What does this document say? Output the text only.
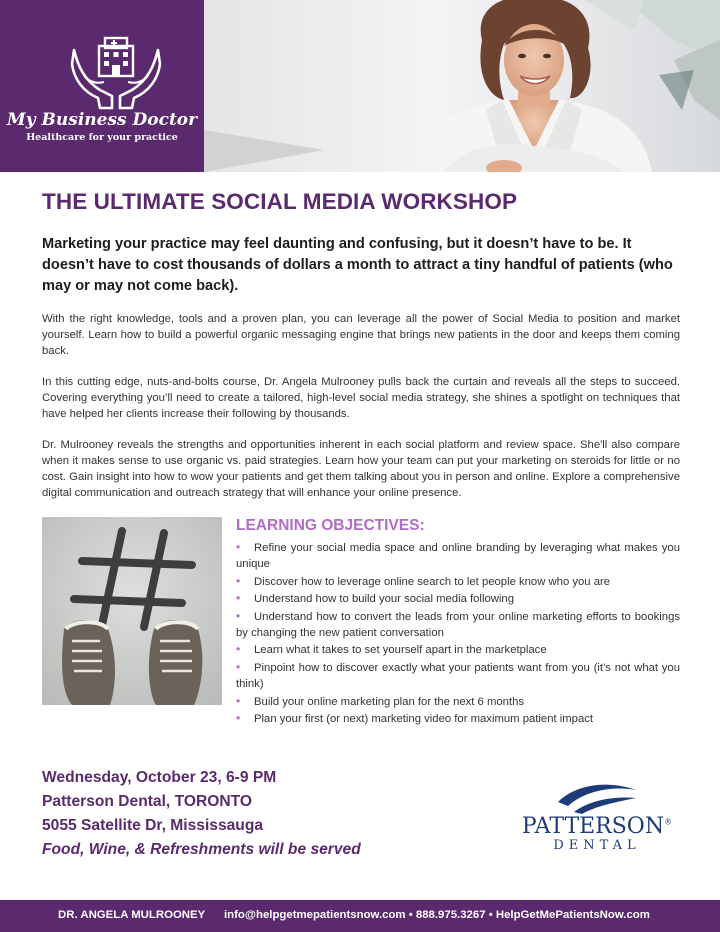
My Business Doctor
Healthcare for your practice
THE ULTIMATE SOCIAL MEDIA WORKSHOP
Marketing your practice may feel daunting and confusing, but it doesn’t have to be. It doesn’t have to cost thousands of dollars a month to attract a tiny handful of patients (who may or may not come back).
With the right knowledge, tools and a proven plan, you can leverage all the power of Social Media to position and market yourself. Learn how to build a powerful organic messaging engine that brings new patients in the door and keeps them coming back.
In this cutting edge, nuts-and-bolts course, Dr. Angela Mulrooney pulls back the curtain and reveals all the steps to succeed. Covering everything you’ll need to create a tailored, high-level social media strategy, she shines a spotlight on techniques that have helped her clients increase their following by thousands.
Dr. Mulrooney reveals the strengths and opportunities inherent in each social platform and review space. She'll also compare when it makes sense to use organic vs. paid strategies. Learn how your team can put your marketing on steroids for little or no cost. Gain insight into how to wow your patients and get them talking about you in person and online. Explore a comprehensive digital communication and outreach strategy that will enhance your online presence.
LEARNING OBJECTIVES:
• Refine your social media space and online branding by leveraging what makes you unique
• Discover how to leverage online search to let people know who you are
• Understand how to build your social media following
• Understand how to convert the leads from your online marketing efforts to bookings by changing the new patient conversation
• Learn what it takes to set yourself apart in the marketplace
• Pinpoint how to discover exactly what your patients want from you (it’s not what you think)
• Build your online marketing plan for the next 6 months
• Plan your first (or next) marketing video for maximum patient impact
Wednesday, October 23, 6-9 PM
Patterson Dental, TORONTO
5055 Satellite Dr, Mississauga
Food, Wine, & Refreshments will be served
PATTERSON®
DENTAL
DR. ANGELA MULROONEY info@helpgetmepatientsnow.com • 888.975.3267 • HelpGetMePatientsNow.com
